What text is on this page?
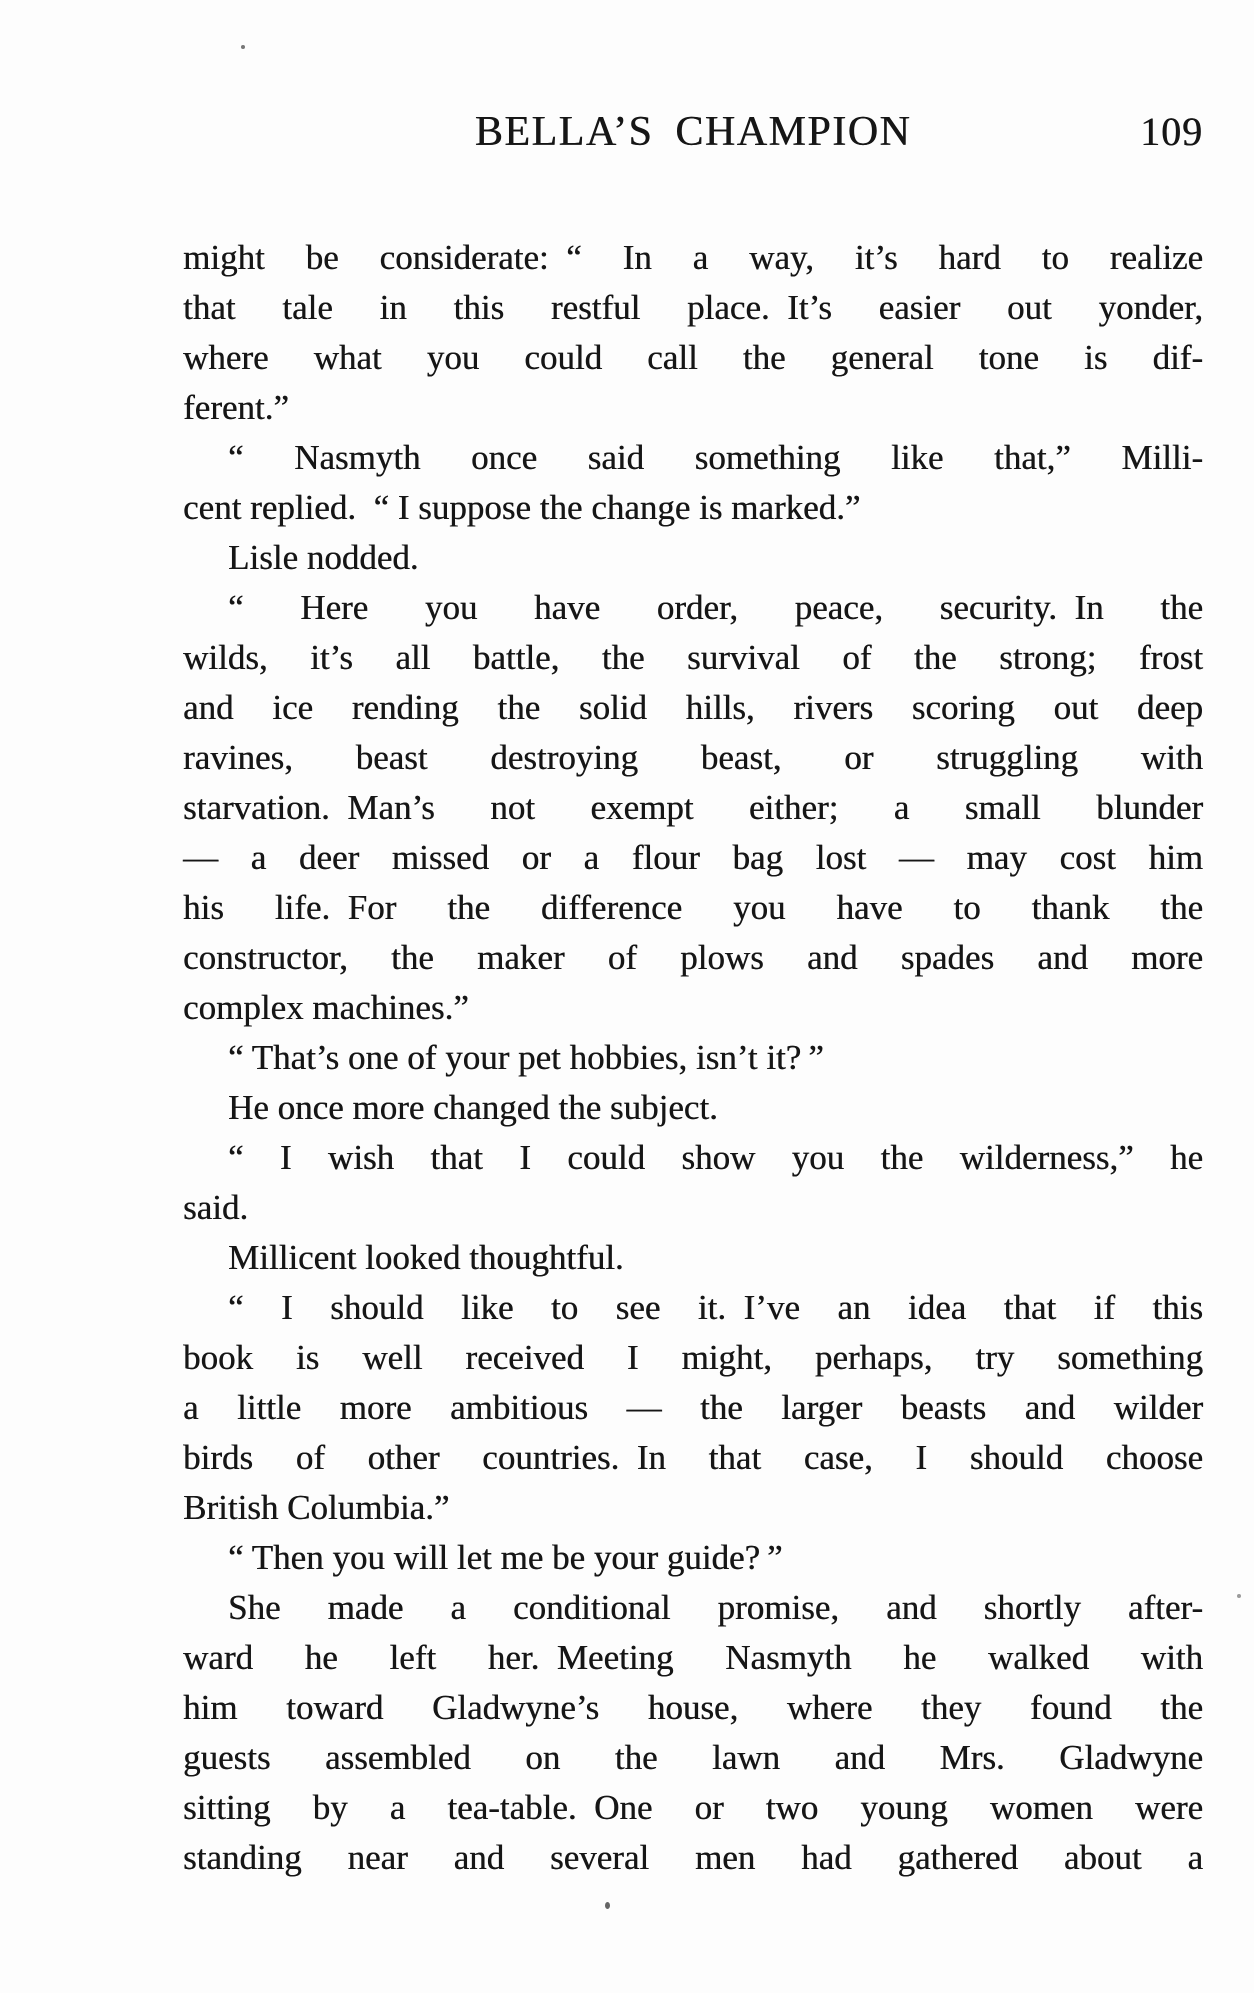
BELLA’S CHAMPION	109
might be considerate: “ In a way, it’s hard to realize
that tale in this restful place. It’s easier out yonder,
where what you could call the general tone is dif-
ferent.”
“ Nasmyth once said something like that,” Milli-
cent replied. “ I suppose the change is marked.”
Lisle nodded.
“ Here you have order, peace, security. In the
wilds, it’s all battle, the survival of the strong; frost
and ice rending the solid hills, rivers scoring out deep
ravines, beast destroying beast, or struggling with
starvation. Man’s not exempt either; a small blunder
— a deer missed or a flour bag lost — may cost him
his life. For the difference you have to thank the
constructor, the maker of plows and spades and more
complex machines.”
“ That’s one of your pet hobbies, isn’t it? ”
He once more changed the subject.
“ I wish that I could show you the wilderness,” he
said.
Millicent looked thoughtful.
“ I should like to see it. I’ve an idea that if this
book is well received I might, perhaps, try something
a little more ambitious — the larger beasts and wilder
birds of other countries. In that case, I should choose
British Columbia.”
“ Then you will let me be your guide? ”
She made a conditional promise, and shortly after-
ward he left her. Meeting Nasmyth he walked with
him toward Gladwyne’s house, where they found the
guests assembled on the lawn and Mrs. Gladwyne
sitting by a tea-table. One or two young women were
standing near and several men had gathered about a
